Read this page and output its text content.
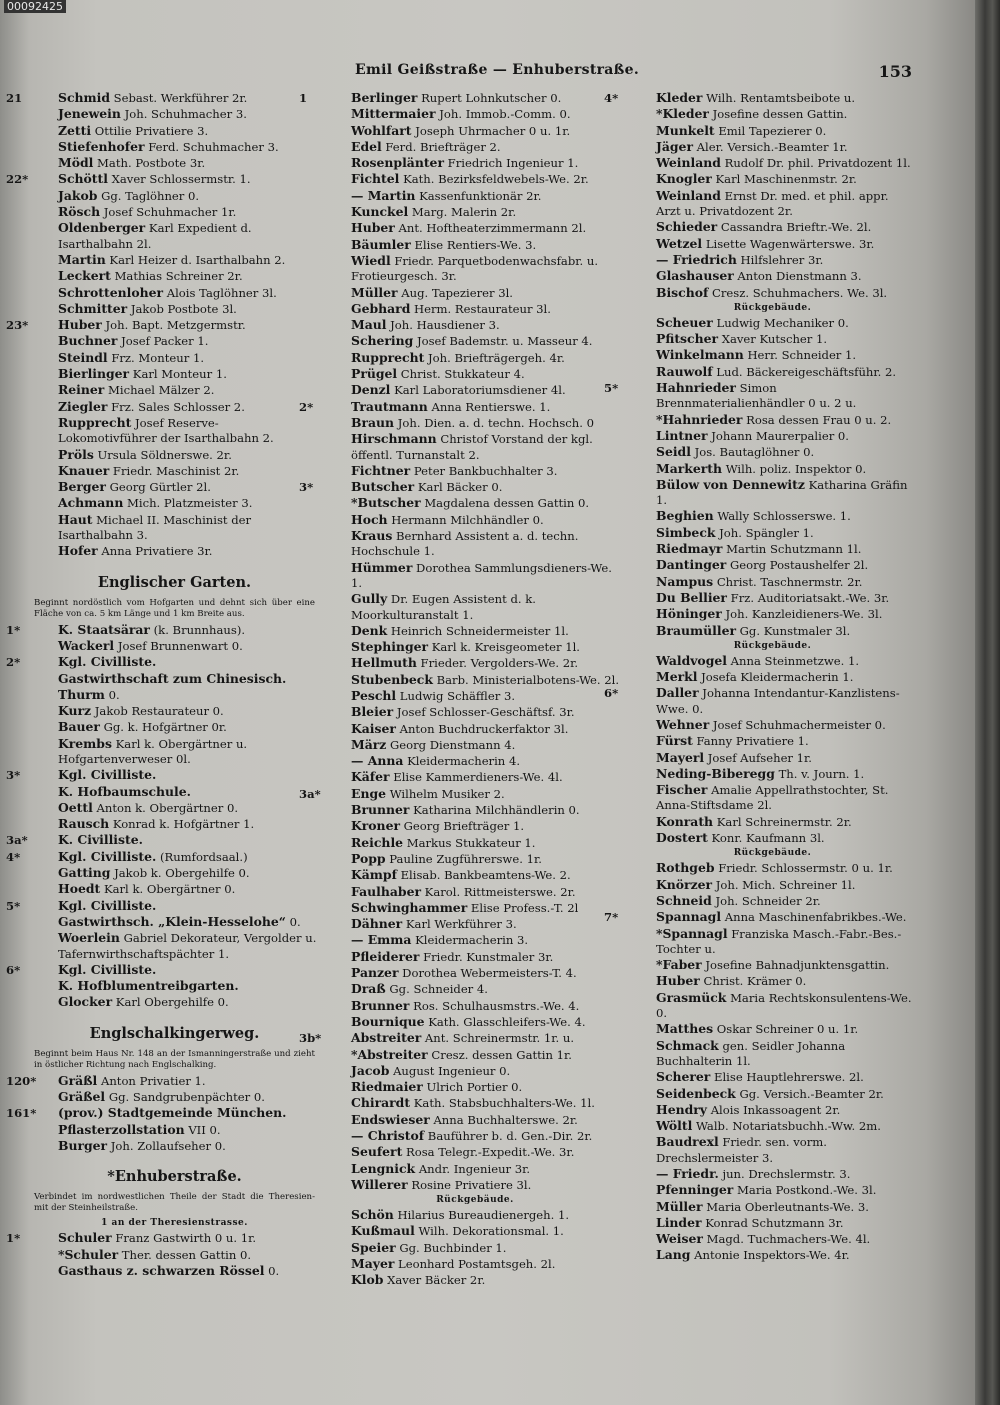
00092425
Emil Geißstraße — Enhuberstraße.	153
21	Schmid Sebast. Werkführer 2r.
Jenewein Joh. Schuhmacher 3.
Zetti Ottilie Privatiere 3.
Stiefenhofer Ferd. Schuhmacher 3.
Mödl Math. Postbote 3r.
22* Schöttl Xaver Schlossermstr. 1.
Jakob Gg. Taglöhner 0.
Rösch Josef Schuhmacher 1r.
Oldenberger Karl Expedient d. Isarthalbahn 2l.
Martin Karl Heizer d. Isarthalbahn 2.
Leckert Mathias Schreiner 2r.
Schrottenloher Alois Taglöhner 3l.
Schmitter Jakob Postbote 3l.
23* Huber Joh. Bapt. Metzgermstr.
Buchner Josef Packer 1.
Steindl Frz. Monteur 1.
Bierlinger Karl Monteur 1.
Reiner Michael Mälzer 2.
Ziegler Frz. Sales Schlosser 2.
Rupprecht Josef Reserve-Lokomotivführer der Isarthalbahn 2.
Pröls Ursula Söldnerswe. 2r.
Knauer Friedr. Maschinist 2r.
Berger Georg Gürtler 2l.
Achmann Mich. Platzmeister 3.
Haut Michael II. Maschinist der Isarthalbahn 3.
Hofer Anna Privatiere 3r.
Englischer Garten.
Beginnt nordöstlich vom Hofgarten und dehnt sich über eine Fläche von ca. 5 km Länge und 1 km Breite aus.
1*	K. Staatsärar (k. Brunnhaus).
Wackerl Josef Brunnenwart 0.
2*	Kgl. Civilliste.
Gastwirthschaft zum Chinesisch. Thurm 0.
Kurz Jakob Restaurateur 0.
Bauer Gg. k. Hofgärtner 0r.
Krembs Karl k. Obergärtner u. Hofgartenverweser 0l.
3*	Kgl. Civilliste.
K. Hofbaumschule.
Oettl Anton k. Obergärtner 0.
Rausch Konrad k. Hofgärtner 1.
3a* K. Civilliste.
4*	Kgl. Civilliste. (Rumfordsaal.)
Gatting Jakob k. Obergehilfe 0.
Hoedt Karl k. Obergärtner 0.
5*	Kgl. Civilliste.
Gastwirthsch. „Klein-Hesselohe“ 0.
Woerlein Gabriel Dekorateur, Vergolder u. Tafernwirthschaftspächter 1.
6*	Kgl. Civilliste.
K. Hofblumentreibgarten.
Glocker Karl Obergehilfe 0.
Englschalkingerweg.
Beginnt beim Haus Nr. 148 an der Ismanningerstraße und zieht in östlicher Richtung nach Englschalking.
120* Gräßl Anton Privatier 1.
Gräßel Gg. Sandgrubenpächter 0.
161* (prov.) Stadtgemeinde München.
Pflasterzollstation VII 0.
Burger Joh. Zollaufseher 0.
*Enhuberstraße.
Verbindet im nordwestlichen Theile der Stadt die Theresien- mit der Steinheilstraße.
1 an der Theresienstrasse.
1*	Schuler Franz Gastwirth 0 u. 1r.
*Schuler Ther. dessen Gattin 0.
Gasthaus z. schwarzen Rössel 0.
1	Berlinger Rupert Lohnkutscher 0.
Mittermaier Joh. Immob.-Comm. 0.
Wohlfart Joseph Uhrmacher 0 u. 1r.
Edel Ferd. Briefträger 2.
Rosenplänter Friedrich Ingenieur 1.
Fichtel Kath. Bezirksfeldwebels-We. 2r.
— Martin Kassenfunktionär 2r.
Kunckel Marg. Malerin 2r.
Huber Ant. Hoftheaterzimmermann 2l.
Bäumler Elise Rentiers-We. 3.
Wiedl Friedr. Parquetbodenwachsfabr. u. Frotieurgesch. 3r.
Müller Aug. Tapezierer 3l.
Gebhard Herm. Restaurateur 3l.
Maul Joh. Hausdiener 3.
Schering Josef Bademstr. u. Masseur 4.
Rupprecht Joh. Briefträgergeh. 4r.
Prügel Christ. Stukkateur 4.
Denzl Karl Laboratoriumsdiener 4l.
2*	Trautmann Anna Rentierswe. 1.
Braun Joh. Dien. a. d. techn. Hochsch. 0
Hirschmann Christof Vorstand der kgl. öffentl. Turnanstalt 2.
Fichtner Peter Bankbuchhalter 3.
3*	Butscher Karl Bäcker 0.
*Butscher Magdalena dessen Gattin 0.
Hoch Hermann Milchhändler 0.
Kraus Bernhard Assistent a. d. techn. Hochschule 1.
Hümmer Dorothea Sammlungsdieners-We. 1.
Gully Dr. Eugen Assistent d. k. Moorkulturanstalt 1.
Denk Heinrich Schneidermeister 1l.
Stephinger Karl k. Kreisgeometer 1l.
Hellmuth Frieder. Vergolders-We. 2r.
Stubenbeck Barb. Ministerialbotens-We. 2l.
Peschl Ludwig Schäffler 3.
Bleier Josef Schlosser-Geschäftsf. 3r.
Kaiser Anton Buchdruckerfaktor 3l.
März Georg Dienstmann 4.
— Anna Kleidermacherin 4.
Käfer Elise Kammerdieners-We. 4l.
3a* Enge Wilhelm Musiker 2.
Brunner Katharina Milchhändlerin 0.
Kroner Georg Briefträger 1.
Reichle Markus Stukkateur 1.
Popp Pauline Zugführerswe. 1r.
Kämpf Elisab. Bankbeamtens-We. 2.
Faulhaber Karol. Rittmeisterswe. 2r.
Schwinghammer Elise Profess.-T. 2l
Dähner Karl Werkführer 3.
— Emma Kleidermacherin 3.
Pfleiderer Friedr. Kunstmaler 3r.
Panzer Dorothea Webermeisters-T. 4.
Draß Gg. Schneider 4.
Brunner Ros. Schulhausmstrs.-We. 4.
Bournique Kath. Glasschleifers-We. 4.
3b* Abstreiter Ant. Schreinermstr. 1r. u.
*Abstreiter Cresz. dessen Gattin 1r.
Jacob August Ingenieur 0.
Riedmaier Ulrich Portier 0.
Chirardt Kath. Stabsbuchhalters-We. 1l.
Endswieser Anna Buchhalterswe. 2r.
— Christof Bauführer b. d. Gen.-Dir. 2r.
Seufert Rosa Telegr.-Expedit.-We. 3r.
Lengnick Andr. Ingenieur 3r.
Willerer Rosine Privatiere 3l.
Rückgebäude.
Schön Hilarius Bureaudienergeh. 1.
Kußmaul Wilh. Dekorationsmal. 1.
Speier Gg. Buchbinder 1.
Mayer Leonhard Postamtsgeh. 2l.
Klob Xaver Bäcker 2r.
4*	Kleder Wilh. Rentamtsbeibote u.
*Kleder Josefine dessen Gattin.
Munkelt Emil Tapezierer 0.
Jäger Aler. Versich.-Beamter 1r.
Weinland Rudolf Dr. phil. Privatdozent 1l.
Knogler Karl Maschinenmstr. 2r.
Weinland Ernst Dr. med. et phil. appr. Arzt u. Privatdozent 2r.
Schieder Cassandra Brieftr.-We. 2l.
Wetzel Lisette Wagenwärterswe. 3r.
— Friedrich Hilfslehrer 3r.
Glashauser Anton Dienstmann 3.
Bischof Cresz. Schuhmachers. We. 3l.
Rückgebäude.
Scheuer Ludwig Mechaniker 0.
Pfitscher Xaver Kutscher 1.
Winkelmann Herr. Schneider 1.
Rauwolf Lud. Bäckereigeschäftsführ. 2.
5*	Hahnrieder Simon Brennmaterialienhändler 0 u. 2 u.
*Hahnrieder Rosa dessen Frau 0 u. 2.
Lintner Johann Maurerpalier 0.
Seidl Jos. Bautaglöhner 0.
Markerth Wilh. poliz. Inspektor 0.
Bülow von Dennewitz Katharina Gräfin 1.
Beghien Wally Schlosserswe. 1.
Simbeck Joh. Spängler 1.
Riedmayr Martin Schutzmann 1l.
Dantinger Georg Postaushelfer 2l.
Nampus Christ. Taschnermstr. 2r.
Du Bellier Frz. Auditoriatsakt.-We. 3r.
Höninger Joh. Kanzleidieners-We. 3l.
Braumüller Gg. Kunstmaler 3l.
Rückgebäude.
Waldvogel Anna Steinmetzwe. 1.
Merkl Josefa Kleidermacherin 1.
6*	Daller Johanna Intendantur-Kanzlistens-Wwe. 0.
Wehner Josef Schuhmachermeister 0.
Fürst Fanny Privatiere 1.
Mayerl Josef Aufseher 1r.
Neding-Biberegg Th. v. Journ. 1.
Fischer Amalie Appellrathstochter, St. Anna-Stiftsdame 2l.
Konrath Karl Schreinermstr. 2r.
Dostert Konr. Kaufmann 3l.
Rückgebäude.
Rothgeb Friedr. Schlossermstr. 0 u. 1r.
Knörzer Joh. Mich. Schreiner 1l.
Schneid Joh. Schneider 2r.
7*	Spannagl Anna Maschinenfabrikbes.-We.
*Spannagl Franziska Masch.-Fabr.-Bes.-Tochter u.
*Faber Josefine Bahnadjunktensgattin.
Huber Christ. Krämer 0.
Grasmück Maria Rechtskonsulentens-We. 0.
Matthes Oskar Schreiner 0 u. 1r.
Schmack gen. Seidler Johanna Buchhalterin 1l.
Scherer Elise Hauptlehrerswe. 2l.
Seidenbeck Gg. Versich.-Beamter 2r.
Hendry Alois Inkassoagent 2r.
Wöltl Walb. Notariatsbuchh.-Ww. 2m.
Baudrexl Friedr. sen. vorm. Drechslermeister 3.
— Friedr. jun. Drechslermstr. 3.
Pfenninger Maria Postkond.-We. 3l.
Müller Maria Oberleutnants-We. 3.
Linder Konrad Schutzmann 3r.
Weiser Magd. Tuchmachers-We. 4l.
Lang Antonie Inspektors-We. 4r.
